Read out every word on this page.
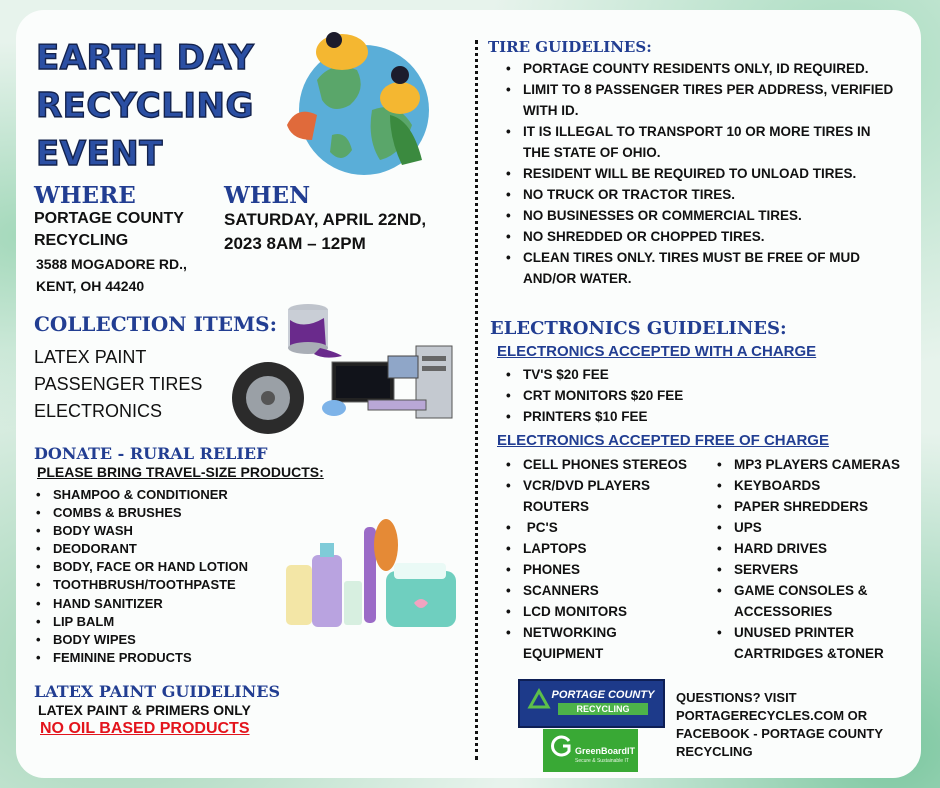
EARTH DAY
RECYCLING
EVENT
WHERE
PORTAGE COUNTY
RECYCLING
3588 MOGADORE RD.,
KENT, OH 44240
WHEN
SATURDAY, APRIL 22ND,
2023 8AM – 12PM
COLLECTION ITEMS:
LATEX PAINT
PASSENGER TIRES
ELECTRONICS
DONATE - RURAL RELIEF
PLEASE BRING TRAVEL-SIZE PRODUCTS:
• SHAMPOO & CONDITIONER
• COMBS & BRUSHES
• BODY WASH
• DEODORANT
• BODY, FACE OR HAND LOTION
• TOOTHBRUSH/TOOTHPASTE
• HAND SANITIZER
• LIP BALM
• BODY WIPES
• FEMININE PRODUCTS
LATEX PAINT GUIDELINES
LATEX PAINT & PRIMERS ONLY
NO OIL BASED PRODUCTS
TIRE GUIDELINES:
• PORTAGE COUNTY RESIDENTS ONLY, ID REQUIRED.
• LIMIT TO 8 PASSENGER TIRES PER ADDRESS, VERIFIED WITH ID.
• IT IS ILLEGAL TO TRANSPORT 10 OR MORE TIRES IN THE STATE OF OHIO.
• RESIDENT WILL BE REQUIRED TO UNLOAD TIRES.
• NO TRUCK OR TRACTOR TIRES.
• NO BUSINESSES OR COMMERCIAL TIRES.
• NO SHREDDED OR CHOPPED TIRES.
• CLEAN TIRES ONLY. TIRES MUST BE FREE OF MUD AND/OR WATER.
ELECTRONICS GUIDELINES:
ELECTRONICS ACCEPTED WITH A CHARGE
• TV'S $20 FEE
• CRT MONITORS $20 FEE
• PRINTERS $10 FEE
ELECTRONICS ACCEPTED FREE OF CHARGE
• CELL PHONES STEREOS
• VCR/DVD PLAYERS ROUTERS
•  PC'S
• LAPTOPS
• PHONES
• SCANNERS
• LCD MONITORS
• NETWORKING EQUIPMENT
• MP3 PLAYERS CAMERAS
• KEYBOARDS
• PAPER SHREDDERS
• UPS
• HARD DRIVES
• SERVERS
• GAME CONSOLES & ACCESSORIES
• UNUSED PRINTER CARTRIDGES &TONER
PORTAGE COUNTY
RECYCLING
GreenBoardIT
Secure & Sustainable IT
QUESTIONS? VISIT PORTAGERECYCLES.COM OR FACEBOOK - PORTAGE COUNTY RECYCLING
